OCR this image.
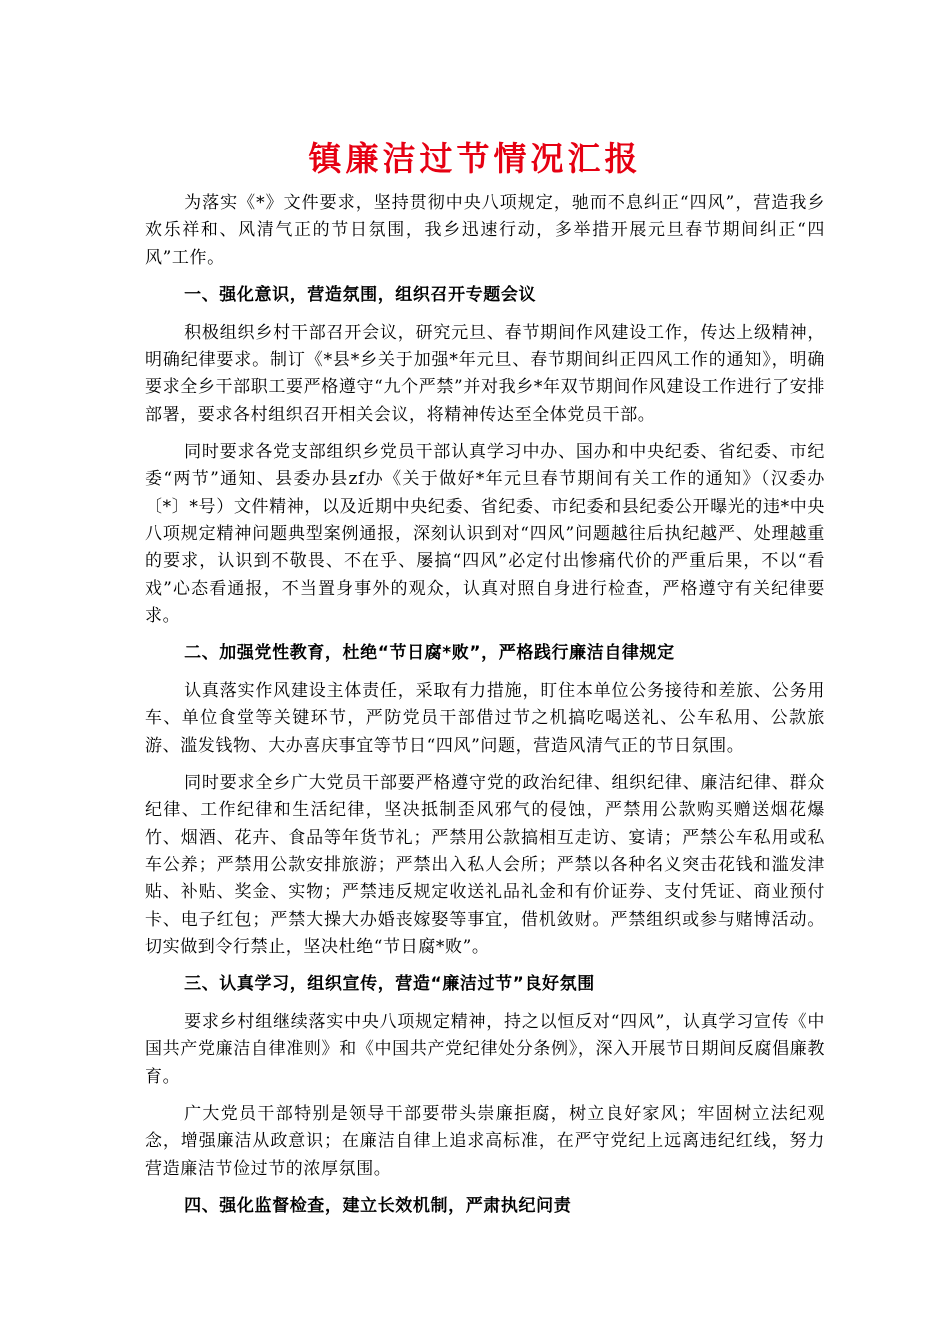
镇廉洁过节情况汇报

为落实《*》文件要求，坚持贯彻中央八项规定，驰而不息纠正“四风”，营造我乡欢乐祥和、风清气正的节日氛围，我乡迅速行动，多举措开展元旦春节期间纠正“四风”工作。

一、强化意识，营造氛围，组织召开专题会议

积极组织乡村干部召开会议，研究元旦、春节期间作风建设工作，传达上级精神，明确纪律要求。制订《*县*乡关于加强*年元旦、春节期间纠正四风工作的通知》，明确要求全乡干部职工要严格遵守“九个严禁”并对我乡*年双节期间作风建设工作进行了安排部署，要求各村组织召开相关会议，将精神传达至全体党员干部。

同时要求各党支部组织乡党员干部认真学习中办、国办和中央纪委、省纪委、市纪委“两节”通知、县委办县zf办《关于做好*年元旦春节期间有关工作的通知》（汉委办〔*〕*号）文件精神，以及近期中央纪委、省纪委、市纪委和县纪委公开曝光的违*中央八项规定精神问题典型案例通报，深刻认识到对“四风”问题越往后执纪越严、处理越重的要求，认识到不敬畏、不在乎、屡搞“四风”必定付出惨痛代价的严重后果，不以“看戏”心态看通报，不当置身事外的观众，认真对照自身进行检查，严格遵守有关纪律要求。

二、加强党性教育，杜绝“节日腐*败”，严格践行廉洁自律规定

认真落实作风建设主体责任，采取有力措施，盯住本单位公务接待和差旅、公务用车、单位食堂等关键环节，严防党员干部借过节之机搞吃喝送礼、公车私用、公款旅游、滥发钱物、大办喜庆事宜等节日“四风”问题，营造风清气正的节日氛围。

同时要求全乡广大党员干部要严格遵守党的政治纪律、组织纪律、廉洁纪律、群众纪律、工作纪律和生活纪律，坚决抵制歪风邪气的侵蚀，严禁用公款购买赠送烟花爆竹、烟酒、花卉、食品等年货节礼；严禁用公款搞相互走访、宴请；严禁公车私用或私车公养；严禁用公款安排旅游；严禁出入私人会所；严禁以各种名义突击花钱和滥发津贴、补贴、奖金、实物；严禁违反规定收送礼品礼金和有价证券、支付凭证、商业预付卡、电子红包；严禁大操大办婚丧嫁娶等事宜，借机敛财。严禁组织或参与赌博活动。切实做到令行禁止，坚决杜绝“节日腐*败”。

三、认真学习，组织宣传，营造“廉洁过节”良好氛围

要求乡村组继续落实中央八项规定精神，持之以恒反对“四风”，认真学习宣传《中国共产党廉洁自律准则》和《中国共产党纪律处分条例》，深入开展节日期间反腐倡廉教育。

广大党员干部特别是领导干部要带头崇廉拒腐，树立良好家风；牢固树立法纪观念，增强廉洁从政意识；在廉洁自律上追求高标准，在严守党纪上远离违纪红线，努力营造廉洁节俭过节的浓厚氛围。

四、强化监督检查，建立长效机制，严肃执纪问责
